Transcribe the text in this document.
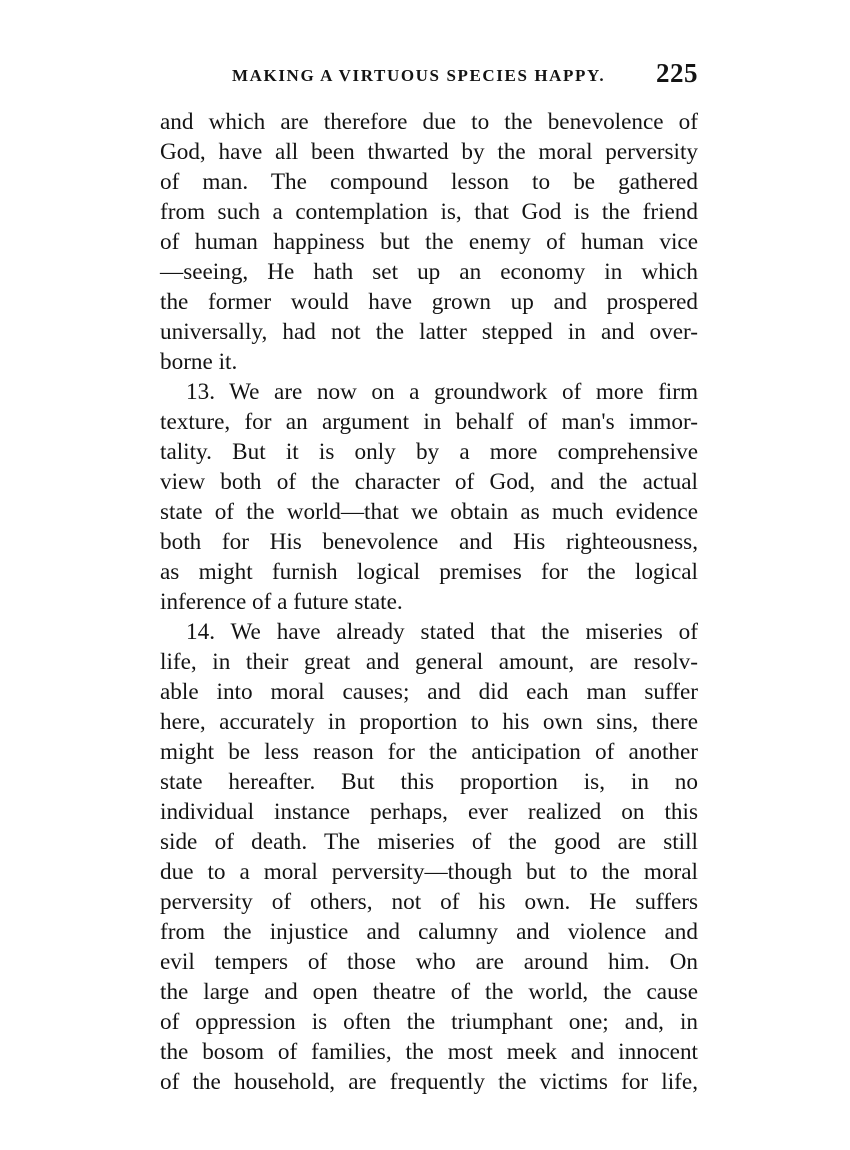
MAKING A VIRTUOUS SPECIES HAPPY. 225
and which are therefore due to the benevolence of
God, have all been thwarted by the moral perversity
of man. The compound lesson to be gathered
from such a contemplation is, that God is the friend
of human happiness but the enemy of human vice
—seeing, He hath set up an economy in which
the former would have grown up and prospered
universally, had not the latter stepped in and over-
borne it.
13. We are now on a groundwork of more firm
texture, for an argument in behalf of man's immor-
tality. But it is only by a more comprehensive
view both of the character of God, and the actual
state of the world—that we obtain as much evidence
both for His benevolence and His righteousness,
as might furnish logical premises for the logical
inference of a future state.
14. We have already stated that the miseries of
life, in their great and general amount, are resolv-
able into moral causes; and did each man suffer
here, accurately in proportion to his own sins, there
might be less reason for the anticipation of another
state hereafter. But this proportion is, in no
individual instance perhaps, ever realized on this
side of death. The miseries of the good are still
due to a moral perversity—though but to the moral
perversity of others, not of his own. He suffers
from the injustice and calumny and violence and
evil tempers of those who are around him. On
the large and open theatre of the world, the cause
of oppression is often the triumphant one; and, in
the bosom of families, the most meek and innocent
of the household, are frequently the victims for life,
